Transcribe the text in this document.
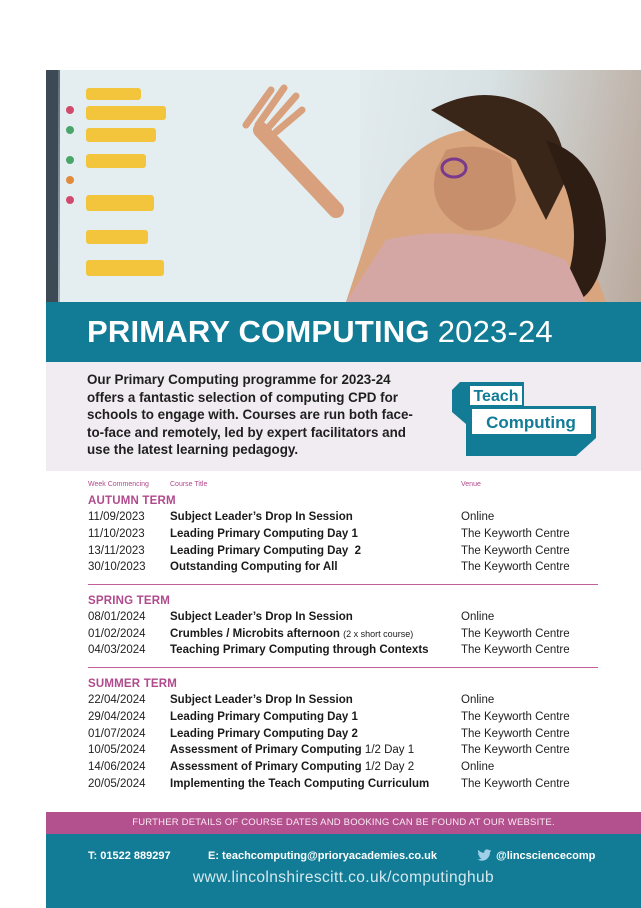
PRIMARY COMPUTING 2023-24
Our Primary Computing programme for 2023-24 offers a fantastic selection of computing CPD for schools to engage with. Courses are run both face-to-face and remotely, led by expert facilitators and use the latest learning pedagogy.
Teach
Computing
Week Commencing	Course Title	Venue
AUTUMN TERM
11/09/2023 Subject Leader’s Drop In Session	Online
11/10/2023 Leading Primary Computing Day 1	The Keyworth Centre
13/11/2023 Leading Primary Computing Day  2	The Keyworth Centre
30/10/2023 Outstanding Computing for All	The Keyworth Centre
SPRING TERM
08/01/2024 Subject Leader’s Drop In Session	Online
01/02/2024 Crumbles / Microbits afternoon (2 x short course)	The Keyworth Centre
04/03/2024 Teaching Primary Computing through Contexts	The Keyworth Centre
SUMMER TERM
22/04/2024 Subject Leader’s Drop In Session	Online
29/04/2024 Leading Primary Computing Day 1	The Keyworth Centre
01/07/2024 Leading Primary Computing Day 2	The Keyworth Centre
10/05/2024 Assessment of Primary Computing 1/2 Day 1	The Keyworth Centre
14/06/2024 Assessment of Primary Computing 1/2 Day 2	Online
20/05/2024 Implementing the Teach Computing Curriculum	The Keyworth Centre
FURTHER DETAILS OF COURSE DATES AND BOOKING CAN BE FOUND AT OUR WEBSITE.
T: 01522 889297	E: teachcomputing@prioryacademies.co.uk	@lincsciencecomp
www.lincolnshirescitt.co.uk/computinghub
